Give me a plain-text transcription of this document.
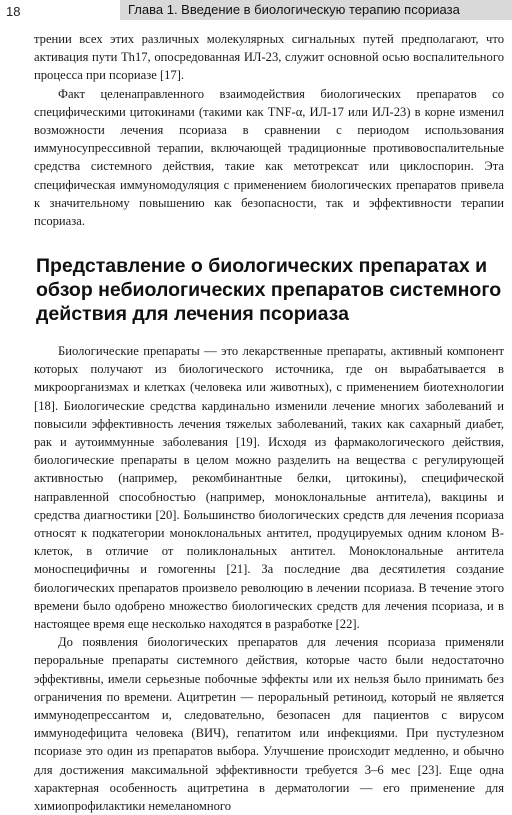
18	Глава 1. Введение в биологическую терапию псориаза

трении всех этих различных молекулярных сигнальных путей предполагают, что активация пути Th17, опосредованная ИЛ-23, служит основной осью воспалительного процесса при псориазе [17].

Факт целенаправленного взаимодействия биологических препаратов со специфическими цитокинами (такими как TNF-α, ИЛ-17 или ИЛ-23) в корне изменил возможности лечения псориаза в сравнении с периодом использования иммуносупрессивной терапии, включающей традиционные противовоспалительные средства системного действия, такие как метотрексат или циклоспорин. Эта специфическая иммуномодуляция с применением биологических препаратов привела к значительному повышению как безопасности, так и эффективности терапии псориаза.

Представление о биологических препаратах и обзор небиологических препаратов системного действия для лечения псориаза

Биологические препараты — это лекарственные препараты, активный компонент которых получают из биологического источника, где он вырабатывается в микроорганизмах и клетках (человека или животных), с применением биотехнологии [18]. Биологические средства кардинально изменили лечение многих заболеваний и повысили эффективность лечения тяжелых заболеваний, таких как сахарный диабет, рак и аутоиммунные заболевания [19]. Исходя из фармакологического действия, биологические препараты в целом можно разделить на вещества с регулирующей активностью (например, рекомбинантные белки, цитокины), специфической направленной способностью (например, моноклональные антитела), вакцины и средства диагностики [20]. Большинство биологических средств для лечения псориаза относят к подкатегории моноклональных антител, продуцируемых одним клоном B-клеток, в отличие от поликлональных антител. Моноклональные антитела моноспецифичны и гомогенны [21]. За последние два десятилетия создание биологических препаратов произвело революцию в лечении псориаза. В течение этого времени было одобрено множество биологических средств для лечения псориаза, и в настоящее время еще несколько находятся в разработке [22].

До появления биологических препаратов для лечения псориаза применяли пероральные препараты системного действия, которые часто были недостаточно эффективны, имели серьезные побочные эффекты или их нельзя было принимать без ограничения по времени. Ацитретин — пероральный ретиноид, который не является иммунодепрессантом и, следовательно, безопасен для пациентов с вирусом иммунодефицита человека (ВИЧ), гепатитом или инфекциями. При пустулезном псориазе это один из препаратов выбора. Улучшение происходит медленно, и обычно для достижения максимальной эффективности требуется 3–6 мес [23]. Еще одна характерная особенность ацитретина в дерматологии — его применение для химиопрофилактики немеланомного
